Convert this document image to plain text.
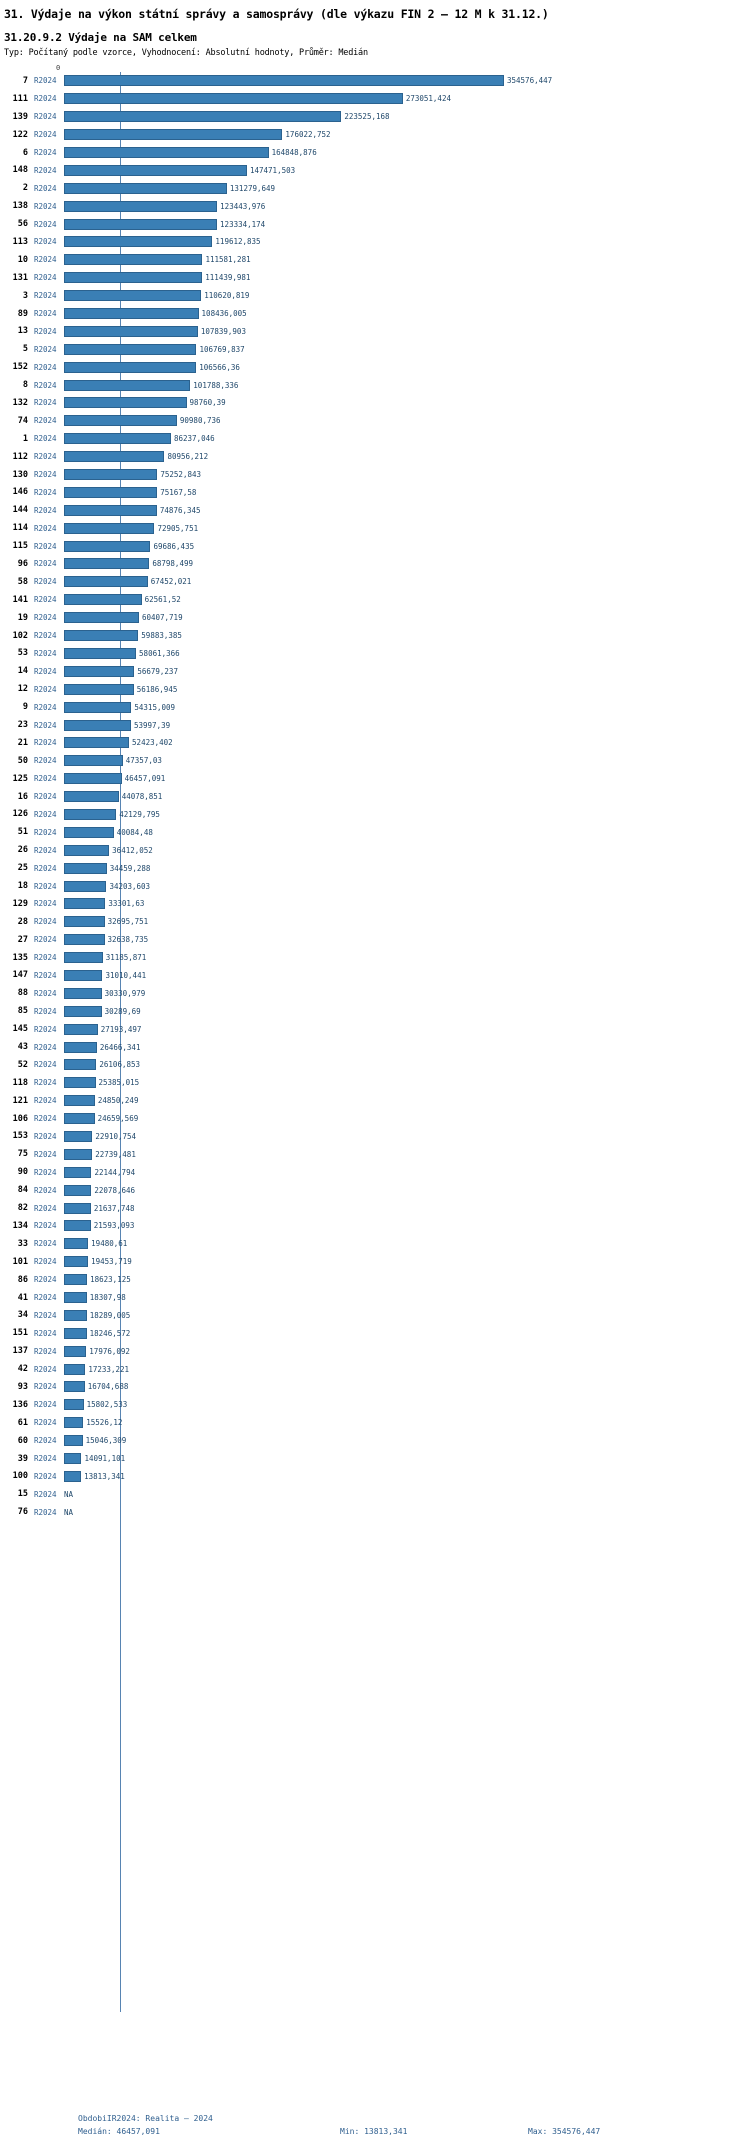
31. Výdaje na výkon státní správy a samosprávy (dle výkazu FIN 2 – 12 M k 31.12.)
31.20.9.2 Výdaje na SAM celkem
Typ: Počítaný podle vzorce, Vyhodnocení: Absolutní hodnoty, Průměr: Medián
0
7 R2024	354576,447
111 R2024	273051,424
139 R2024	223525,168
122 R2024	176022,752
6 R2024	164848,876
148 R2024	147471,503
2 R2024	131279,649
138 R2024	123443,976
56 R2024	123334,174
113 R2024	119612,835
10 R2024	111581,281
131 R2024	111439,981
3 R2024	110620,819
89 R2024	108436,005
13 R2024	107839,903
5 R2024	106769,837
152 R2024	106566,36
8 R2024	101788,336
132 R2024	98760,39
74 R2024	90980,736
1 R2024	86237,046
112 R2024	80956,212
130 R2024	75252,843
146 R2024	75167,58
144 R2024	74876,345
114 R2024	72905,751
115 R2024	69686,435
96 R2024	68798,499
58 R2024	67452,021
141 R2024	62561,52
19 R2024	60407,719
102 R2024	59883,385
53 R2024	58061,366
14 R2024	56679,237
12 R2024	56186,945
9 R2024	54315,009
23 R2024	53997,39
21 R2024	52423,402
50 R2024	47357,03
125 R2024	46457,091
16 R2024	44078,851
126 R2024	42129,795
51 R2024	40084,48
26 R2024	36412,052
25 R2024	34459,288
18 R2024	34203,603
129 R2024	33301,63
28 R2024	32695,751
27 R2024	32638,735
135 R2024	31185,871
147 R2024	31010,441
88 R2024	30330,979
85 R2024	30289,69
145 R2024	27193,497
43 R2024	26466,341
52 R2024	26106,853
118 R2024	25385,015
121 R2024	24850,249
106 R2024	24659,569
153 R2024	22910,754
75 R2024	22739,481
90 R2024	22144,794
84 R2024	22078,646
82 R2024	21637,748
134 R2024	21593,093
33 R2024	19480,61
101 R2024	19453,719
86 R2024	18623,125
41 R2024	18307,98
34 R2024	18289,005
151 R2024	18246,572
137 R2024	17976,092
42 R2024	17233,221
93 R2024	16704,688
136 R2024	15802,533
61 R2024	15526,12
60 R2024	15046,309
39 R2024	14091,101
100 R2024	13813,341
15 R2024 NA
76 R2024 NA
ObdobiIR2024: Realita – 2024
Medián: 46457,091	Min: 13813,341	Max: 354576,447
